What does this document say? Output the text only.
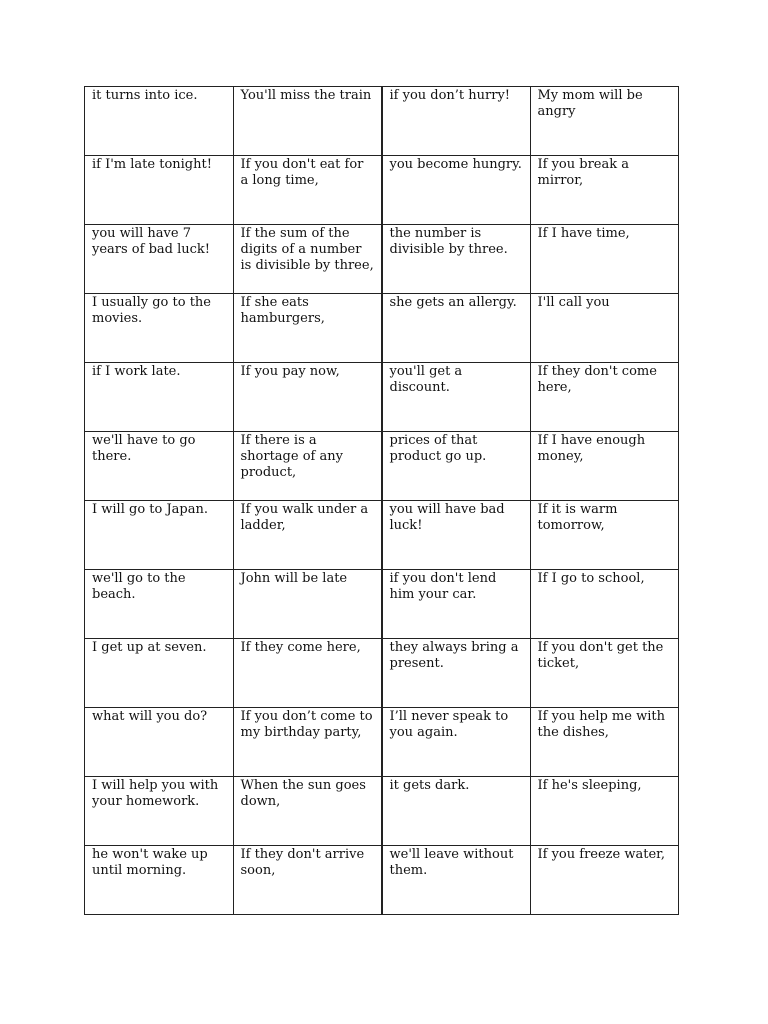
it turns into ice.	You'll miss the train	if you don’t hurry!	My mom will be angry
if I'm late tonight!	If you don't eat for a long time,	you become hungry.	If you break a mirror,
you will have 7 years of bad luck!	If the sum of the digits of a number is divisible by three,	the number is divisible by three.	If I have time,
I usually go to the movies.	If she eats hamburgers,	she gets an allergy.	I'll call you
if I work late.	If you pay now,	you'll get a discount.	If they don't come here,
we'll have to go there.	If there is a shortage of any product,	prices of that product go up.	If I have enough money,
I will go to Japan.	If you walk under a ladder,	you will have bad luck!	If it is warm tomorrow,
we'll go to the beach.	John will be late	if you don't lend him your car.	If I go to school,
I get up at seven.	If they come here,	they always bring a present.	If you don't get the ticket,
what will you do?	If you don’t come to my birthday party,	I’ll never speak to you again.	If you help me with the dishes,
I will help you with your homework.	When the sun goes down,	it gets dark.	If he's sleeping,
he won't wake up until morning.	If they don't arrive soon,	we'll leave without them.	If you freeze water,
